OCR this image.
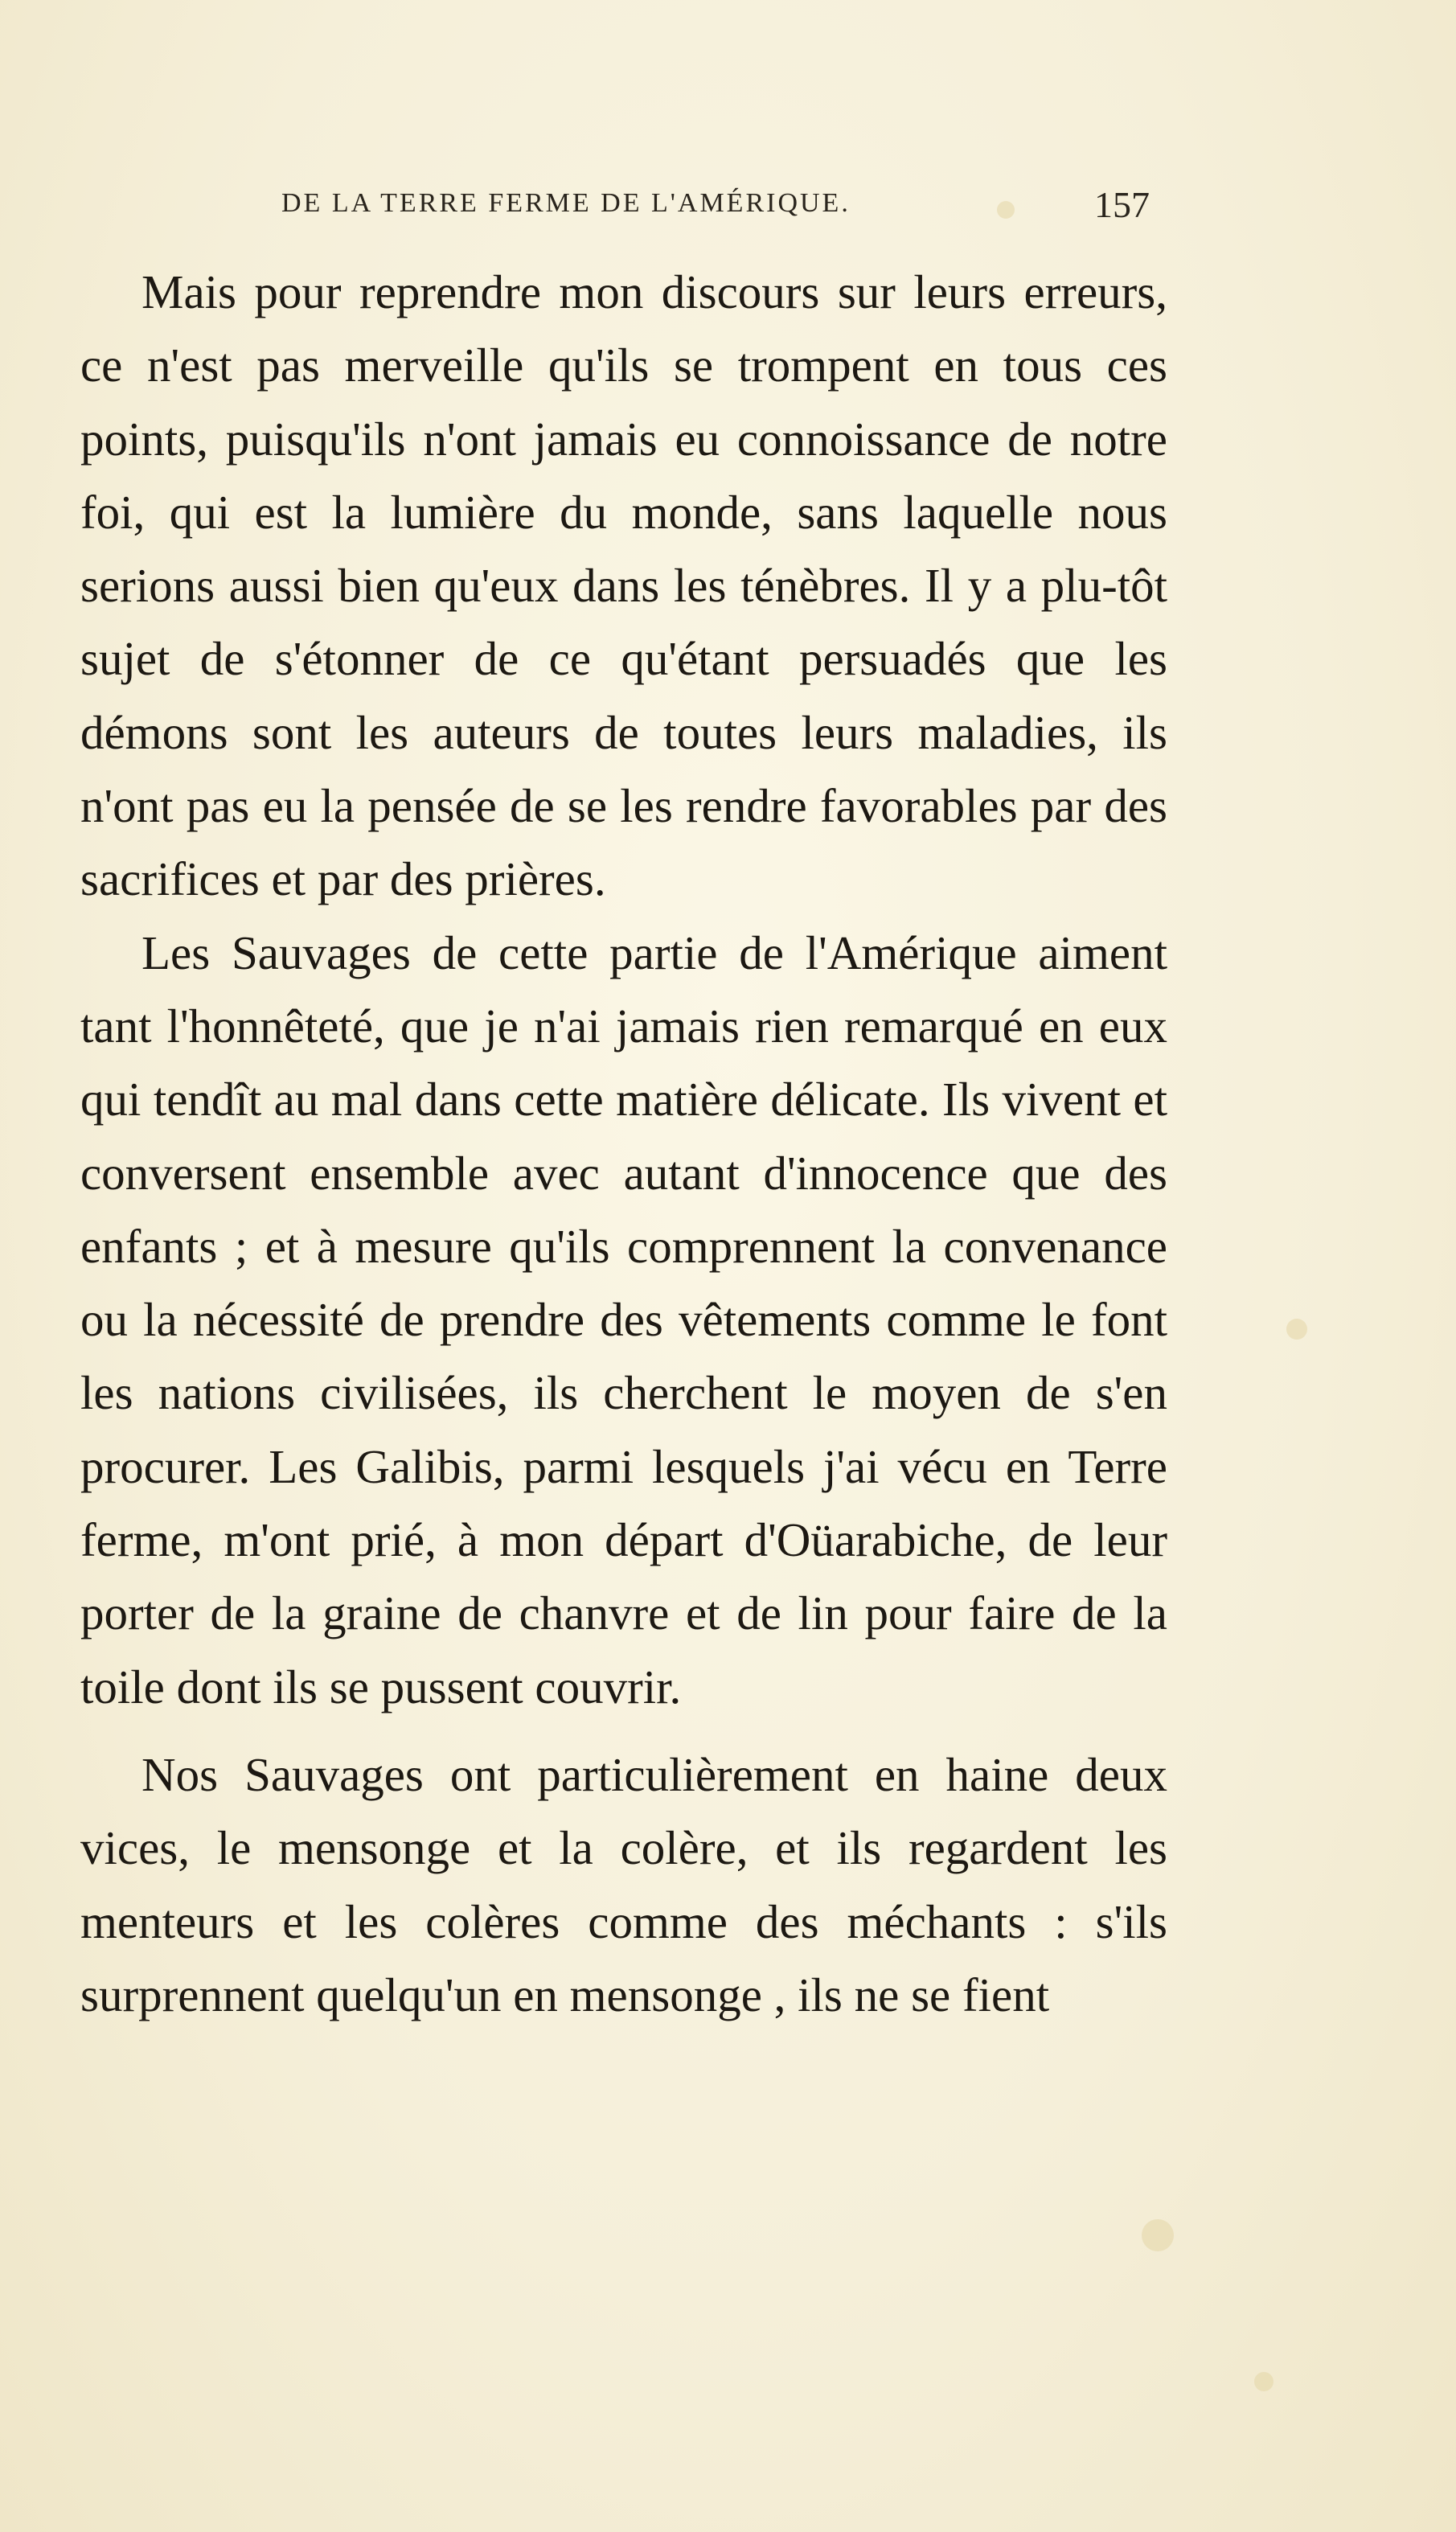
DE LA TERRE FERME DE L'AMÉRIQUE.	157

Mais pour reprendre mon discours sur leurs erreurs, ce n'est pas merveille qu'ils se trompent en tous ces points, puisqu'ils n'ont jamais eu connoissance de notre foi, qui est la lumière du monde, sans laquelle nous serions aussi bien qu'eux dans les ténèbres. Il y a plu-tôt sujet de s'étonner de ce qu'étant persuadés que les démons sont les auteurs de toutes leurs maladies, ils n'ont pas eu la pensée de se les rendre favorables par des sacrifices et par des prières.

Les Sauvages de cette partie de l'Amérique aiment tant l'honnêteté, que je n'ai jamais rien remarqué en eux qui tendît au mal dans cette matière délicate. Ils vivent et conversent ensemble avec autant d'innocence que des enfants ; et à mesure qu'ils comprennent la convenance ou la nécessité de prendre des vêtements comme le font les nations civilisées, ils cherchent le moyen de s'en procurer. Les Galibis, parmi lesquels j'ai vécu en Terre ferme, m'ont prié, à mon départ d'Oüarabiche, de leur porter de la graine de chanvre et de lin pour faire de la toile dont ils se pussent couvrir.

Nos Sauvages ont particulièrement en haine deux vices, le mensonge et la colère, et ils regardent les menteurs et les colères comme des méchants : s'ils surprennent quelqu'un en mensonge , ils ne se fient
